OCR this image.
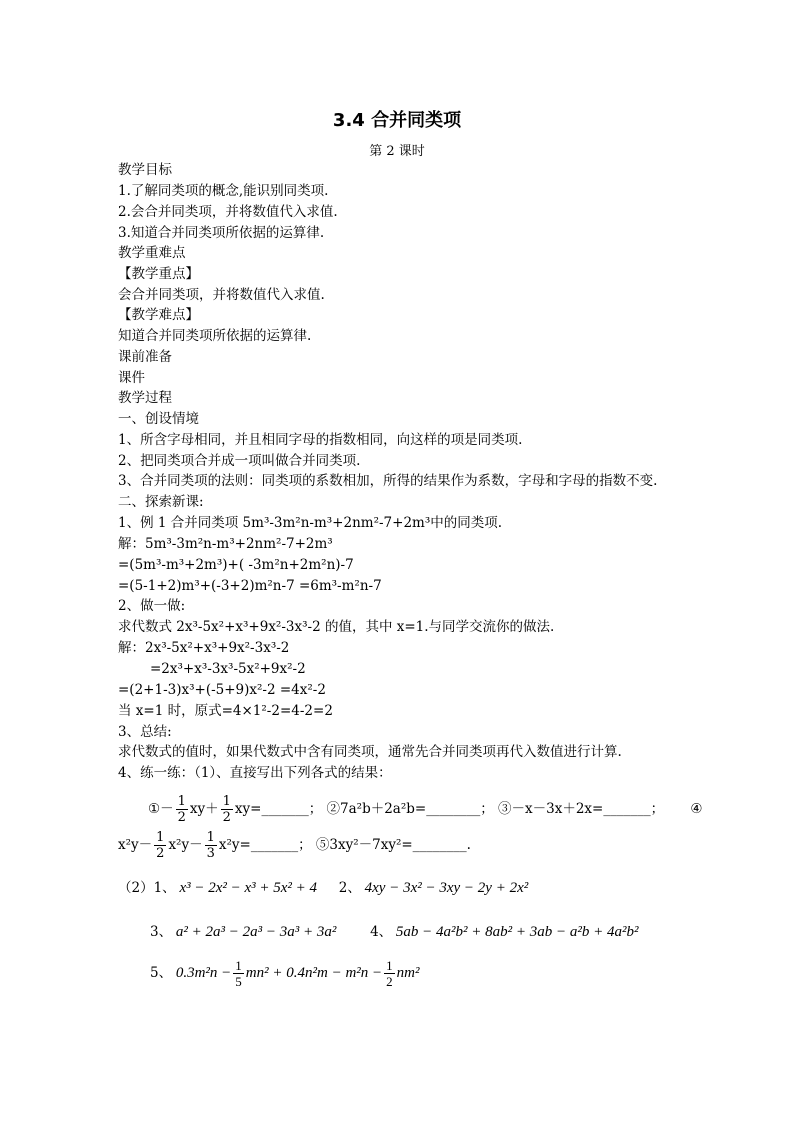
3.4 合并同类项
第 2 课时
教学目标
1.了解同类项的概念,能识别同类项.
2.会合并同类项，并将数值代入求值.
3.知道合并同类项所依据的运算律.
教学重难点
【教学重点】
会合并同类项，并将数值代入求值.
【教学难点】
知道合并同类项所依据的运算律.
课前准备
课件
教学过程
一、创设情境
1、所含字母相同，并且相同字母的指数相同，向这样的项是同类项.
2、把同类项合并成一项叫做合并同类项.
3、合并同类项的法则：同类项的系数相加，所得的结果作为系数，字母和字母的指数不变.
二、探索新课:
1、例 1 合并同类项 5m³-3m²n-m³+2nm²-7+2m³中的同类项.
解：5m³-3m²n-m³+2nm²-7+2m³
=(5m³-m³+2m³)+( -3m²n+2m²n)-7
=(5-1+2)m³+(-3+2)m²n-7 =6m³-m²n-7
2、做一做:
求代数式 2x³-5x²+x³+9x²-3x³-2 的值，其中 x=1.与同学交流你的做法.
解：2x³-5x²+x³+9x²-3x³-2
=2x³+x³-3x³-5x²+9x²-2
=(2+1-3)x³+(-5+9)x²-2 =4x²-2
当 x=1 时，原式=4×1²-2=4-2=2
3、总结:
求代数式的值时，如果代数式中含有同类项，通常先合并同类项再代入数值进行计算.
4、练一练：（1）、直接写出下列各式的结果：
①－ $\frac{1}{2} xy+ \frac{1}{2}$ xy=_______； ②7a²b＋2a²b=________； ③－x－3x＋2x=_______； ④
$x^2y- \frac{1}{2} x^2y- \frac{1}{3}$ x²y=_______； ⑤3xy²－7xy²=________.
（2）1、 x³ − 2x² − x³ + 5x² + 4 2、 4xy − 3x² − 3xy − 2y + 2x²
3、 a² + 2a³ − 2a³ − 3a³ + 3a²	4、 5ab − 4a²b² + 8ab² + 3ab − a²b + 4a²b²
5、 $0.3m^2n - \frac{1}{5} mn^2 + 0.4n^2m - m^2n - \frac{1}{2} nm^2$
